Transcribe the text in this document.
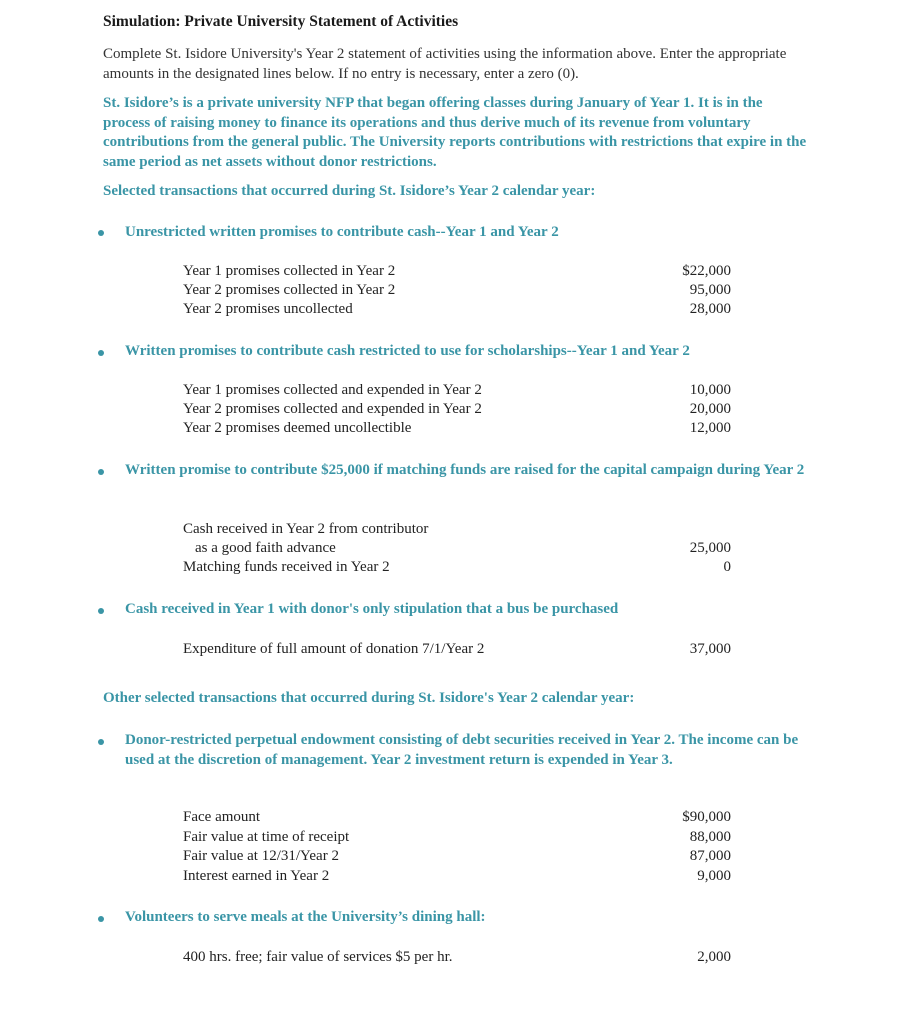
Simulation: Private University Statement of Activities
Complete St. Isidore University's Year 2 statement of activities using the information above. Enter the appropriate amounts in the designated lines below. If no entry is necessary, enter a zero (0).
St. Isidore’s is a private university NFP that began offering classes during January of Year 1. It is in the process of raising money to finance its operations and thus derive much of its revenue from voluntary contributions from the general public. The University reports contributions with restrictions that expire in the same period as net assets without donor restrictions.
Selected transactions that occurred during St. Isidore’s Year 2 calendar year:
Unrestricted written promises to contribute cash--Year 1 and Year 2
Year 1 promises collected in Year 2	$22,000
Year 2 promises collected in Year 2	95,000
Year 2 promises uncollected	28,000
Written promises to contribute cash restricted to use for scholarships--Year 1 and Year 2
Year 1 promises collected and expended in Year 2	10,000
Year 2 promises collected and expended in Year 2	20,000
Year 2 promises deemed uncollectible	12,000
Written promise to contribute $25,000 if matching funds are raised for the capital campaign during Year 2
Cash received in Year 2 from contributor
as a good faith advance	25,000
Matching funds received in Year 2	0
Cash received in Year 1 with donor's only stipulation that a bus be purchased
Expenditure of full amount of donation 7/1/Year 2	37,000
Other selected transactions that occurred during St. Isidore's Year 2 calendar year:
Donor-restricted perpetual endowment consisting of debt securities received in Year 2. The income can be used at the discretion of management. Year 2 investment return is expended in Year 3.
Face amount	$90,000
Fair value at time of receipt	88,000
Fair value at 12/31/Year 2	87,000
Interest earned in Year 2	9,000
Volunteers to serve meals at the University’s dining hall:
400 hrs. free; fair value of services $5 per hr.	2,000
